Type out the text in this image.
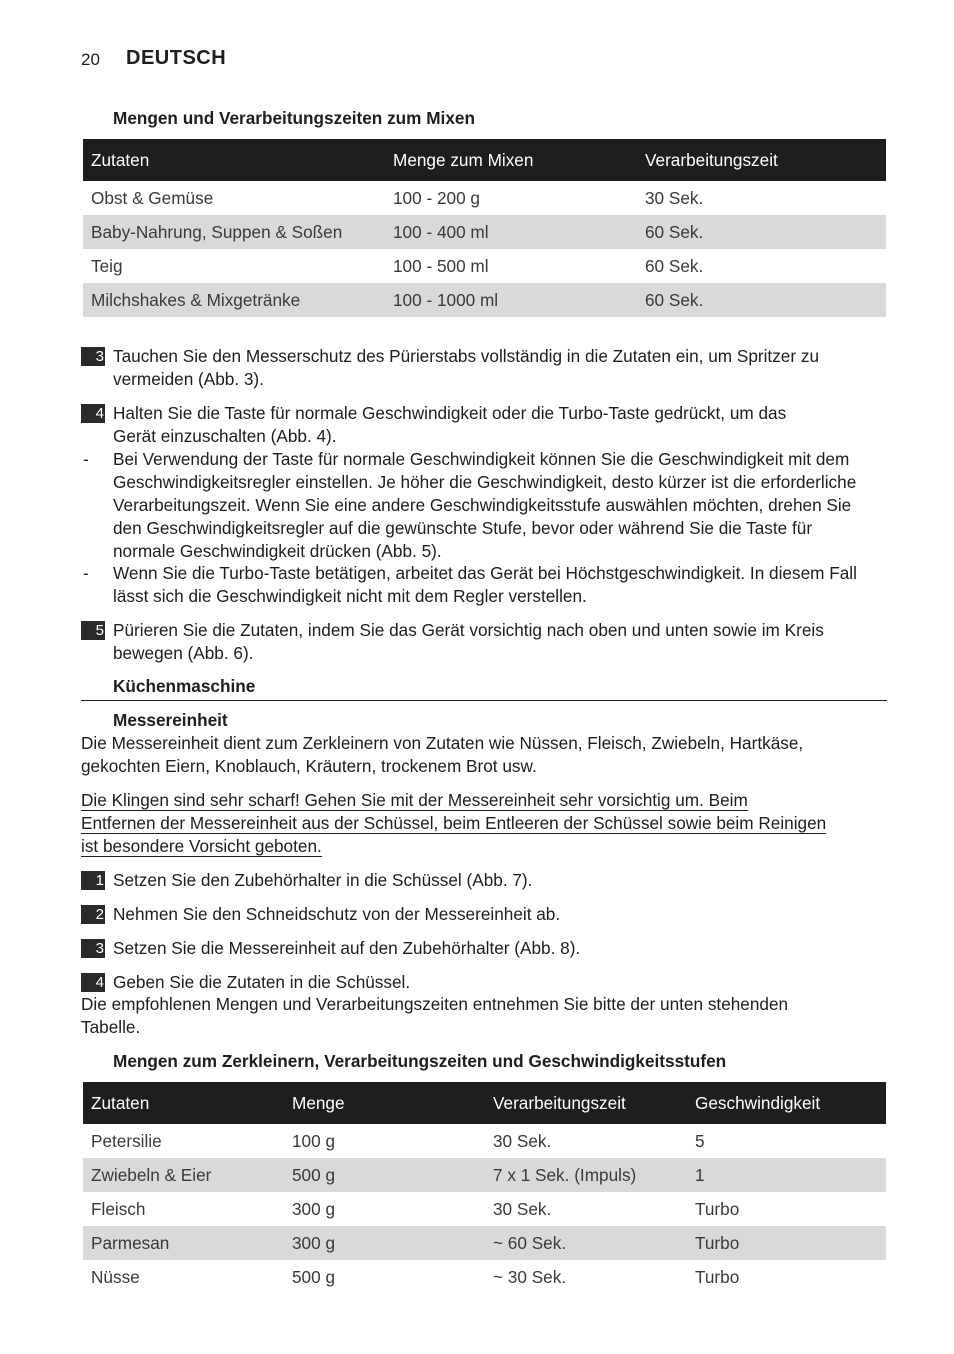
20 DEUTSCH
Mengen und Verarbeitungszeiten zum Mixen
Zutaten	Menge zum Mixen	Verarbeitungszeit
Obst & Gemüse	100 - 200 g	30 Sek.
Baby-Nahrung, Suppen & Soßen	100 - 400 ml	60 Sek.
Teig	100 - 500 ml	60 Sek.
Milchshakes & Mixgetränke	100 - 1000 ml	60 Sek.
3 Tauchen Sie den Messerschutz des Pürierstabs vollständig in die Zutaten ein, um Spritzer zu
vermeiden (Abb. 3).
4 Halten Sie die Taste für normale Geschwindigkeit oder die Turbo-Taste gedrückt, um das
Gerät einzuschalten (Abb. 4).
- Bei Verwendung der Taste für normale Geschwindigkeit können Sie die Geschwindigkeit mit dem
Geschwindigkeitsregler einstellen. Je höher die Geschwindigkeit, desto kürzer ist die erforderliche
Verarbeitungszeit. Wenn Sie eine andere Geschwindigkeitsstufe auswählen möchten, drehen Sie
den Geschwindigkeitsregler auf die gewünschte Stufe, bevor oder während Sie die Taste für
normale Geschwindigkeit drücken (Abb. 5).
- Wenn Sie die Turbo-Taste betätigen, arbeitet das Gerät bei Höchstgeschwindigkeit. In diesem Fall
lässt sich die Geschwindigkeit nicht mit dem Regler verstellen.
5 Pürieren Sie die Zutaten, indem Sie das Gerät vorsichtig nach oben und unten sowie im Kreis
bewegen (Abb. 6).
Küchenmaschine
Messereinheit
Die Messereinheit dient zum Zerkleinern von Zutaten wie Nüssen, Fleisch, Zwiebeln, Hartkäse,
gekochten Eiern, Knoblauch, Kräutern, trockenem Brot usw.
Die Klingen sind sehr scharf! Gehen Sie mit der Messereinheit sehr vorsichtig um. Beim
Entfernen der Messereinheit aus der Schüssel, beim Entleeren der Schüssel sowie beim Reinigen
ist besondere Vorsicht geboten.
1 Setzen Sie den Zubehörhalter in die Schüssel (Abb. 7).
2 Nehmen Sie den Schneidschutz von der Messereinheit ab.
3 Setzen Sie die Messereinheit auf den Zubehörhalter (Abb. 8).
4 Geben Sie die Zutaten in die Schüssel.
Die empfohlenen Mengen und Verarbeitungszeiten entnehmen Sie bitte der unten stehenden
Tabelle.
Mengen zum Zerkleinern, Verarbeitungszeiten und Geschwindigkeitsstufen
Zutaten	Menge	Verarbeitungszeit	Geschwindigkeit
Petersilie	100 g	30 Sek.	5
Zwiebeln & Eier	500 g	7 x 1 Sek. (Impuls)	1
Fleisch	300 g	30 Sek.	Turbo
Parmesan	300 g	~ 60 Sek.	Turbo
Nüsse	500 g	~ 30 Sek.	Turbo
